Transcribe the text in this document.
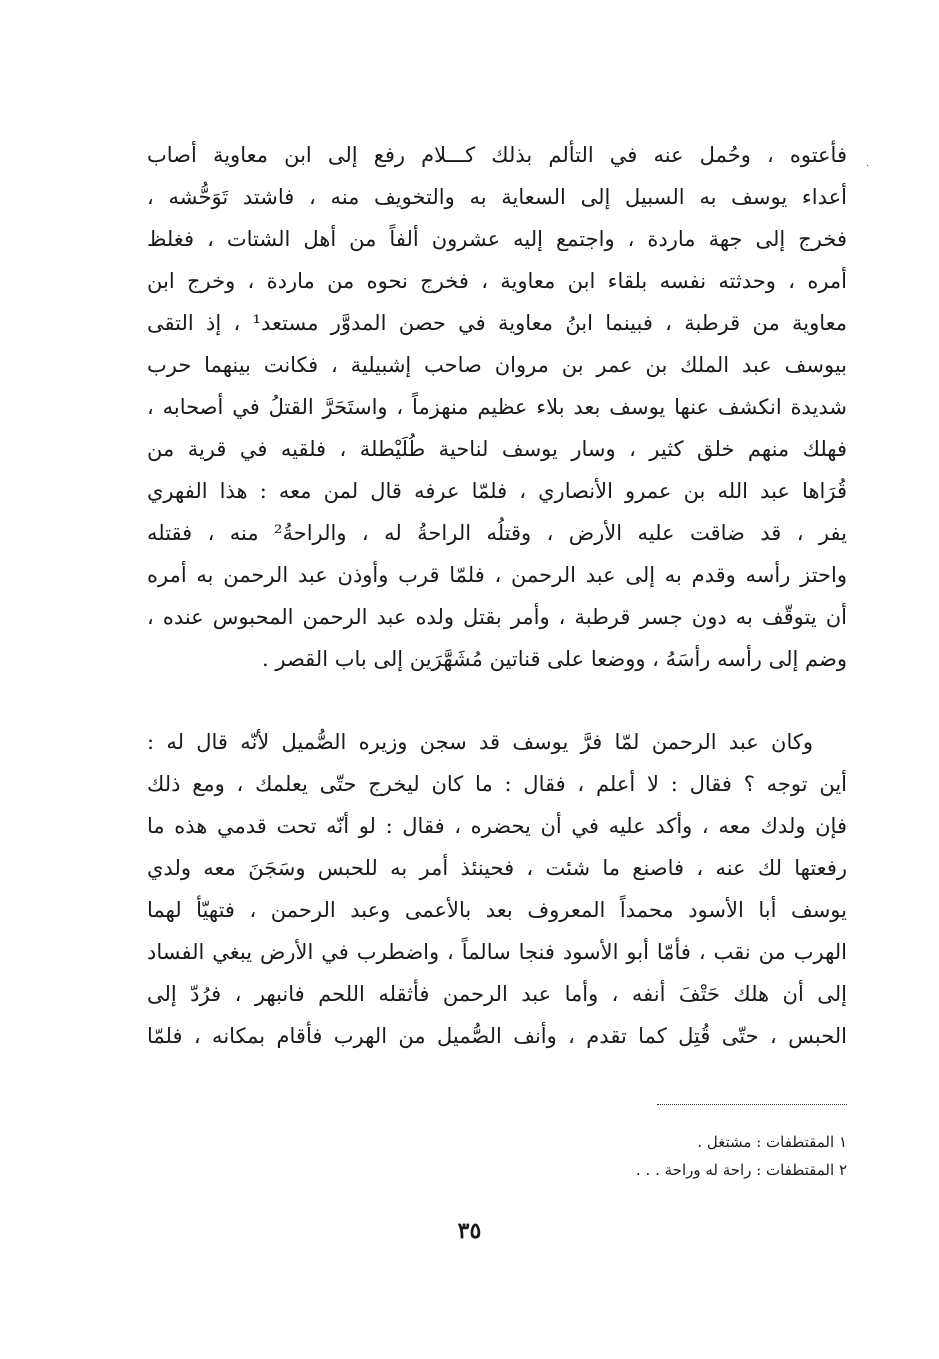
.
فأعتوه ، وحُمل عنه في التألم بذلك كـــلام رفع إلى ابن معاوية أصاب
أعداء يوسف به السبيل إلى السعاية به والتخويف منه ، فاشتد تَوَحُّشه ،
فخرج إلى جهة ماردة ، واجتمع إليه عشرون ألفاً من أهل الشتات ، فغلظ
أمره ، وحدثته نفسه بلقاء ابن معاوية ، فخرج نحوه من ماردة ، وخرج ابن
معاوية من قرطبة ، فبينما ابنُ معاوية في حصن المدوَّر مستعد¹ ، إذ التقى
بيوسف عبد الملك بن عمر بن مروان صاحب إشبيلية ، فكانت بينهما حرب
شديدة انكشف عنها يوسف بعد بلاء عظيم منهزماً ، واستَحَرَّ القتلُ في أصحابه ،
فهلك منهم خلق كثير ، وسار يوسف لناحية طُلَيْطلة ، فلقيه في قرية من
قُرَاها عبد الله بن عمرو الأنصاري ، فلمّا عرفه قال لمن معه : هذا الفهري
يفر ، قد ضاقت عليه الأرض ، وقتلُه الراحةُ له ، والراحةُ² منه ، فقتله
واحتز رأسه وقدم به إلى عبد الرحمن ، فلمّا قرب وأوذن عبد الرحمن به أمره
أن يتوقّف به دون جسر قرطبة ، وأمر بقتل ولده عبد الرحمن المحبوس عنده ،
وضم إلى رأسه رأسَهُ ، ووضعا على قناتين مُشَهَّرَين إلى باب القصر .
وكان عبد الرحمن لمّا فرَّ يوسف قد سجن وزيره الصُّميل لأنّه قال له :
أين توجه ؟ فقال : لا أعلم ، فقال : ما كان ليخرج حتّى يعلمك ، ومع ذلك
فإن ولدك معه ، وأكد عليه في أن يحضره ، فقال : لو أنّه تحت قدمي هذه ما
رفعتها لك عنه ، فاصنع ما شئت ، فحينئذ أمر به للحبس وسَجَنَ معه ولدي
يوسف أبا الأسود محمداً المعروف بعد بالأعمى وعبد الرحمن ، فتهيّأ لهما
الهرب من نقب ، فأمّا أبو الأسود فنجا سالماً ، واضطرب في الأرض يبغي الفساد
إلى أن هلك حَتْفَ أنفه ، وأما عبد الرحمن فأثقله اللحم فانبهر ، فرُدّ إلى
الحبس ، حتّى قُتِل كما تقدم ، وأنف الصُّميل من الهرب فأقام بمكانه ، فلمّا
١ المقتطفات : مشتغل .
٢ المقتطفات : راحة له وراحة . . .
٣٥
